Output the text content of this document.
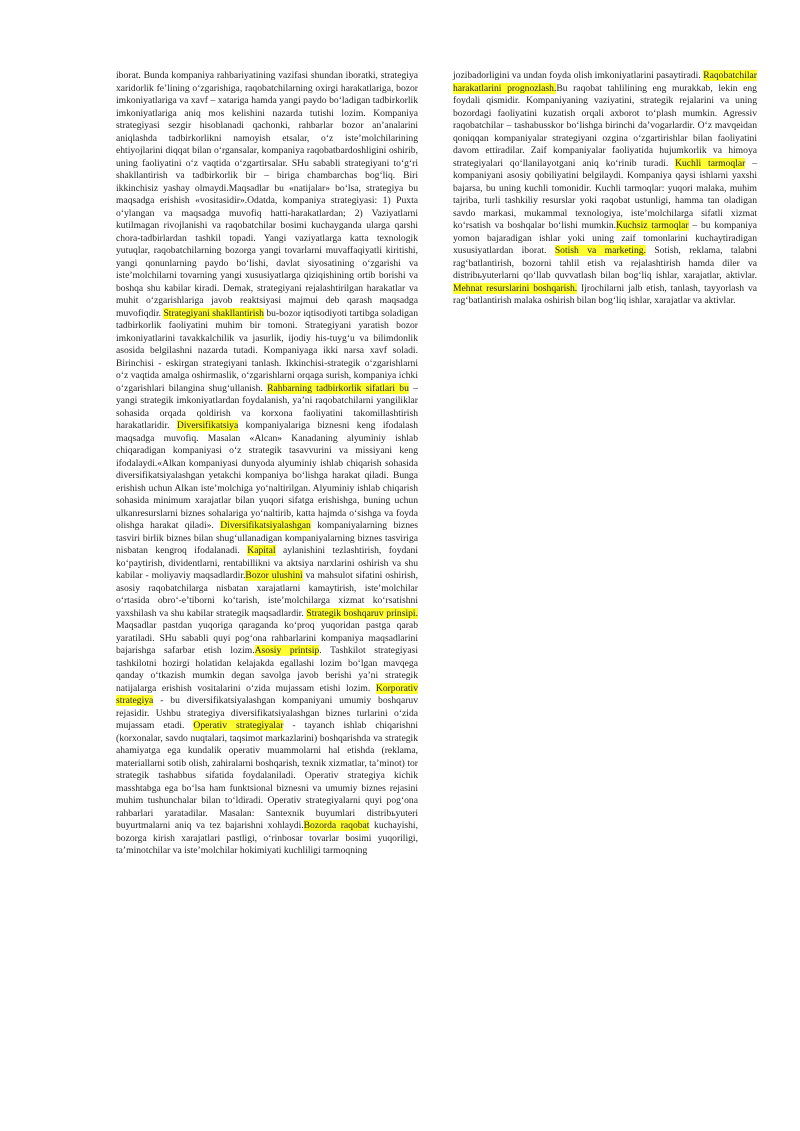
iborat. Bunda kompaniya rahbariyatining vazifasi shundan iboratki, strategiya xaridorlik fe’lining o‘zgarishiga, raqobatchilarning oxirgi harakatlariga, bozor imkoniyatlariga va xavf – xatariga hamda yangi paydo bo‘ladigan tadbirkorlik imkoniyatlariga aniq mos kelishini nazarda tutishi lozim. Kompaniya strategiyasi sezgir hisoblanadi qachonki, rahbarlar bozor an’analarini aniqlashda tadbirkorlikni namoyish etsalar, o‘z iste’molchilarining ehtiyojlarini diqqat bilan o‘rgansalar, kompaniya raqobatbardoshligini oshirib, uning faoliyatini o‘z vaqtida o‘zgartirsalar. SHu sababli strategiyani to‘g‘ri shakllantirish va tadbirkorlik bir – biriga chambarchas bog‘liq. Biri ikkinchisiz yashay olmaydi.Maqsadlar bu «natijalar» bo‘lsa, strategiya bu maqsadga erishish «vositasidir».Odatda, kompaniya strategiyasi: 1) Puxta o‘ylangan va maqsadga muvofiq hatti-harakatlardan; 2) Vaziyatlarni kutilmagan rivojlanishi va raqobatchilar bosimi kuchayganda ularga qarshi chora-tadbirlardan tashkil topadi. Yangi vaziyatlarga katta texnologik yutuqlar, raqobatchilarning bozorga yangi tovarlarni muvaffaqiyatli kiritishi, yangi qonunlarning paydo bo‘lishi, davlat siyosatining o‘zgarishi va iste’molchilarni tovarning yangi xususiyatlarga qiziqishining ortib borishi va boshqa shu kabilar kiradi. Demak, strategiyani rejalashtirilgan harakatlar va muhit o‘zgarishlariga javob reaktsiyasi majmui deb qarash maqsadga muvofiqdir. Strategiyani shakllantirish bu-bozor iqtisodiyoti tartibga soladigan tadbirkorlik faoliyatini muhim bir tomoni. Strategiyani yaratish bozor imkoniyatlarini tavakkalchilik va jasurlik, ijodiy his-tuyg‘u va bilimdonlik asosida belgilashni nazarda tutadi. Kompaniyaga ikki narsa xavf soladi. Birinchisi - eskirgan strategiyani tanlash. Ikkinchisi-strategik o‘zgarishlarni o‘z vaqtida amalga oshirmaslik, o‘zgarishlarni orqaga surish, kompaniya ichki o‘zgarishlari bilangina shug‘ullanish. Rahbarning tadbirkorlik sifatlari bu – yangi strategik imkoniyatlardan foydalanish, ya’ni raqobatchilarni yangiliklar sohasida orqada qoldirish va korxona faoliyatini takomillashtirish harakatlaridir. Diversifikatsiya kompaniyalariga biznesni keng ifodalash maqsadga muvofiq. Masalan «Alcan» Kanadaning alyuminiy ishlab chiqaradigan kompaniyasi o‘z strategik tasavvurini va missiyani keng ifodalaydi.«Alkan kompaniyasi dunyoda alyuminiy ishlab chiqarish sohasida diversifikatsiyalashgan yetakchi kompaniya bo‘lishga harakat qiladi. Bunga erishish uchun Alkan iste’molchiga yo‘naltirilgan. Alyuminiy ishlab chiqarish sohasida minimum xarajatlar bilan yuqori sifatga erishishga, buning uchun ulkanresurslarni biznes sohalariga yo‘naltirib, katta hajmda o‘sishga va foyda olishga harakat qiladi». Diversifikatsiyalashgan kompaniyalarning biznes tasviri birlik biznes bilan shug‘ullanadigan kompaniyalarning biznes tasviriga nisbatan kengroq ifodalanadi. Kapital aylanishini tezlashtirish, foydani ko‘paytirish, dividentlarni, rentabillikni va aktsiya narxlarini oshirish va shu kabilar - moliyaviy maqsadlardir.Bozor ulushini va mahsulot sifatini oshirish, asosiy raqobatchilarga nisbatan xarajatlarni kamaytirish, iste’molchilar o‘rtasida obro‘-e’tiborni ko‘tarish, iste’molchilarga xizmat ko‘rsatishni yaxshilash va shu kabilar strategik maqsadlardir. Strategik boshqaruv prinsipi. Maqsadlar pastdan yuqoriga qaraganda ko‘proq yuqoridan pastga qarab yaratiladi. SHu sababli quyi pog‘ona rahbarlarini kompaniya maqsadlarini bajarishga safarbar etish lozim.Asosiy printsip. Tashkilot strategiyasi tashkilotni hozirgi holatidan kelajakda egallashi lozim bo‘lgan mavqega qanday o‘tkazish mumkin degan savolga javob berishi ya’ni strategik natijalarga erishish vositalarini o‘zida mujassam etishi lozim. Korporativ strategiya - bu diversifikatsiyalashgan kompaniyani umumiy boshqaruv rejasidir. Ushbu strategiya diversifikatsiyalashgan biznes turlarini o‘zida mujassam etadi. Operativ strategiyalar - tayanch ishlab chiqarishni (korxonalar, savdo nuqtalari, taqsimot markazlarini) boshqarishda va strategik ahamiyatga ega kundalik operativ muammolarni hal etishda (reklama, materiallarni sotib olish, zahiralarni boshqarish, texnik xizmatlar, ta’minot) tor strategik tashabbus sifatida foydalaniladi. Operativ strategiya kichik masshtabga ega bo‘lsa ham funktsional biznesni va umumiy biznes rejasini muhim tushunchalar bilan to‘ldiradi. Operativ strategiyalarni quyi pog‘ona rahbarlari yaratadilar. Masalan: Santexnik buyumlari distribьyuteri buyurtmalarni aniq va tez bajarishni xohlaydi.Bozorda raqobat kuchayishi, bozorga kirish xarajatlari pastligi, o‘rinbosar tovarlar bosimi yuqoriligi, ta’minotchilar va iste’molchilar hokimiyati kuchliligi tarmoqning

jozibadorligini va undan foyda olish imkoniyatlarini pasaytiradi. Raqobatchilar harakatlarini prognozlash.Bu raqobat tahlilining eng murakkab, lekin eng foydali qismidir. Kompaniyaning vaziyatini, strategik rejalarini va uning bozordagi faoliyatini kuzatish orqali axborot to‘plash mumkin. Agressiv raqobatchilar – tashabusskor bo‘lishga birinchi da’vogarlardir. O‘z mavqeidan qoniqqan kompaniyalar strategiyani ozgina o‘zgartirishlar bilan faoliyatini davom ettiradilar. Zaif kompaniyalar faoliyatida hujumkorlik va himoya strategiyalari qo‘llanilayotgani aniq ko‘rinib turadi. Kuchli tarmoqlar – kompaniyani asosiy qobiliyatini belgilaydi. Kompaniya qaysi ishlarni yaxshi bajarsa, bu uning kuchli tomonidir. Kuchli tarmoqlar: yuqori malaka, muhim tajriba, turli tashkiliy resurslar yoki raqobat ustunligi, hamma tan oladigan savdo markasi, mukammal texnologiya, iste’molchilarga sifatli xizmat ko‘rsatish va boshqalar bo‘lishi mumkin.Kuchsiz tarmoqlar – bu kompaniya yomon bajaradigan ishlar yoki uning zaif tomonlarini kuchaytiradigan xususiyatlardan iborat. Sotish va marketing. Sotish, reklama, talabni rag‘batlantirish, bozorni tahlil etish va rejalashtirish hamda diler va distribьyuterlarni qo‘llab quvvatlash bilan bog‘liq ishlar, xarajatlar, aktivlar. Mehnat resurslarini boshqarish. Ijrochilarni jalb etish, tanlash, tayyorlash va rag‘batlantirish malaka oshirish bilan bog‘liq ishlar, xarajatlar va aktivlar.
